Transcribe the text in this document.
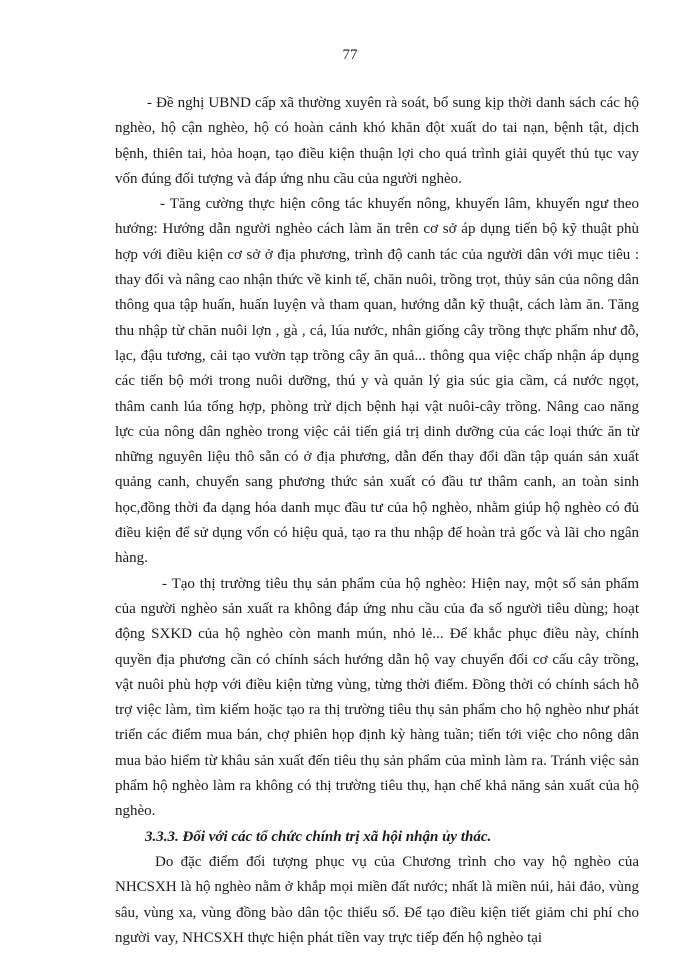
77

- Đề nghị UBND cấp xã thường xuyên rà soát, bổ sung kịp thời danh sách các hộ nghèo, hộ cận nghèo, hộ có hoàn cảnh khó khăn đột xuất do tai nạn, bệnh tật, dịch bệnh, thiên tai, hỏa hoạn, tạo điều kiện thuận lợi cho quá trình giải quyết thủ tục vay vốn đúng đối tượng và đáp ứng nhu cầu của người nghèo.

- Tăng cường thực hiện công tác khuyến nông, khuyến lâm, khuyến ngư theo hướng: Hướng dẫn người nghèo cách làm ăn trên cơ sở áp dụng tiến bộ kỹ thuật phù hợp với điều kiện cơ sở ở địa phương, trình độ canh tác của người dân với mục tiêu : thay đổi và nâng cao nhận thức về kinh tế, chăn nuôi, trồng trọt, thủy sản của nông dân thông qua tập huấn, huấn luyện và tham quan, hướng dẫn kỹ thuật, cách làm ăn. Tăng thu nhập từ chăn nuôi lợn , gà , cá, lúa nước, nhân giống cây trồng thực phẩm như đỗ, lạc, đậu tương, cải tạo vườn tạp trồng cây ăn quả... thông qua việc chấp nhận áp dụng các tiến bộ mới trong nuôi dưỡng, thú y và quản lý gia súc gia cầm, cá nước ngọt, thâm canh lúa tổng hợp, phòng trừ dịch bệnh hại vật nuôi-cây trồng. Nâng cao năng lực của nông dân nghèo trong việc cải tiến giá trị dinh dưỡng của các loại thức ăn từ những nguyên liệu thô sẵn có ở địa phương, dẫn đến thay đổi dần tập quán sản xuất quảng canh, chuyển sang phương thức sản xuất có đầu tư thâm canh, an toàn sinh học,đồng thời đa dạng hóa danh mục đầu tư của hộ nghèo, nhằm giúp hộ nghèo có đủ điều kiện để sử dụng vốn có hiệu quả, tạo ra thu nhập để hoàn trả gốc và lãi cho ngân hàng.

- Tạo thị trường tiêu thụ sản phẩm của hộ nghèo: Hiện nay, một số sản phẩm của người nghèo sản xuất ra không đáp ứng nhu cầu của đa số người tiêu dùng; hoạt động SXKD của hộ nghèo còn manh mún, nhỏ lẻ... Để khắc phục điều này, chính quyền địa phương cần có chính sách hướng dẫn hộ vay chuyển đổi cơ cấu cây trồng, vật nuôi phù hợp với điều kiện từng vùng, từng thời điểm. Đồng thời có chính sách hỗ trợ việc làm, tìm kiếm hoặc tạo ra thị trường tiêu thụ sản phẩm cho hộ nghèo như phát triển các điểm mua bán, chợ phiên họp định kỳ hàng tuần; tiến tới việc cho nông dân mua bảo hiểm từ khâu sản xuất đến tiêu thụ sản phẩm của mình làm ra. Tránh việc sản phẩm hộ nghèo làm ra không có thị trường tiêu thụ, hạn chế khả năng sản xuất của hộ nghèo.

3.3.3. Đối với các tổ chức chính trị xã hội nhận ủy thác.

Do đặc điểm đối tượng phục vụ của Chương trình cho vay hộ nghèo của NHCSXH là hộ nghèo nằm ở khắp mọi miền đất nước; nhất là miền núi, hải đảo, vùng sâu, vùng xa, vùng đồng bào dân tộc thiểu số. Để tạo điều kiện tiết giảm chi phí cho người vay, NHCSXH thực hiện phát tiền vay trực tiếp đến hộ nghèo tại
